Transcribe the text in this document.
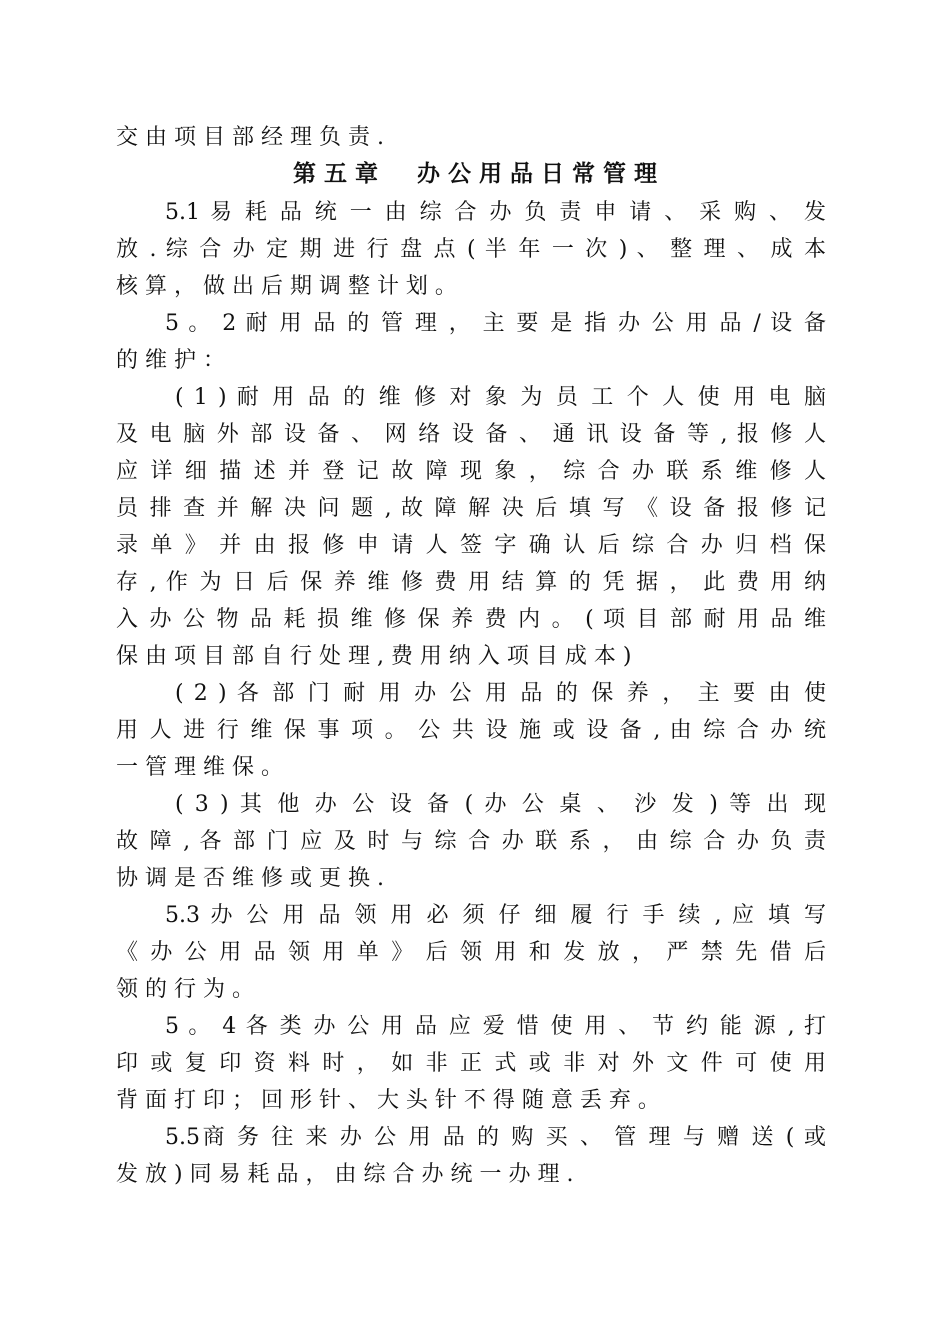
交 由 项 目 部 经 理 负 责 .
第 五 章 　 办 公 用 品 日 常 管 理
5.1 易 耗 品 统 一 由 综 合 办 负 责 申 请 、 采 购 、 发
放 . 综 合 办 定 期 进 行 盘 点 ( 半 年 一 次 ) 、 整 理 、 成 本
核 算 ， 做 出 后 期 调 整 计 划 。
5 。 2 耐 用 品 的 管 理 ， 主 要 是 指 办 公 用 品 / 设 备
的 维 护 ：
( 1 ) 耐 用 品 的 维 修 对 象 为 员 工 个 人 使 用 电 脑
及 电 脑 外 部 设 备 、 网 络 设 备 、 通 讯 设 备 等 , 报 修 人
应 详 细 描 述 并 登 记 故 障 现 象 ， 综 合 办 联 系 维 修 人
员 排 查 并 解 决 问 题 , 故 障 解 决 后 填 写 《 设 备 报 修 记
录 单 》 并 由 报 修 申 请 人 签 字 确 认 后 综 合 办 归 档 保
存 , 作 为 日 后 保 养 维 修 费 用 结 算 的 凭 据 ， 此 费 用 纳
入 办 公 物 品 耗 损 维 修 保 养 费 内 。 ( 项 目 部 耐 用 品 维
保 由 项 目 部 自 行 处 理 , 费 用 纳 入 项 目 成 本 )
( 2 ) 各 部 门 耐 用 办 公 用 品 的 保 养 ， 主 要 由 使
用 人 进 行 维 保 事 项 。 公 共 设 施 或 设 备 , 由 综 合 办 统
一 管 理 维 保 。
( 3 ) 其 他 办 公 设 备 ( 办 公 桌 、 沙 发 ) 等 出 现
故 障 , 各 部 门 应 及 时 与 综 合 办 联 系 ， 由 综 合 办 负 责
协 调 是 否 维 修 或 更 换 .
5.3 办 公 用 品 领 用 必 须 仔 细 履 行 手 续 , 应 填 写
《 办 公 用 品 领 用 单 》 后 领 用 和 发 放 ， 严 禁 先 借 后
领 的 行 为 。
5 。 4 各 类 办 公 用 品 应 爱 惜 使 用 、 节 约 能 源 , 打
印 或 复 印 资 料 时 ， 如 非 正 式 或 非 对 外 文 件 可 使 用
背 面 打 印 ； 回 形 针 、 大 头 针 不 得 随 意 丢 弃 。
5.5商 务 往 来 办 公 用 品 的 购 买 、 管 理 与 赠 送 ( 或
发 放 ) 同 易 耗 品 ， 由 综 合 办 统 一 办 理 .
